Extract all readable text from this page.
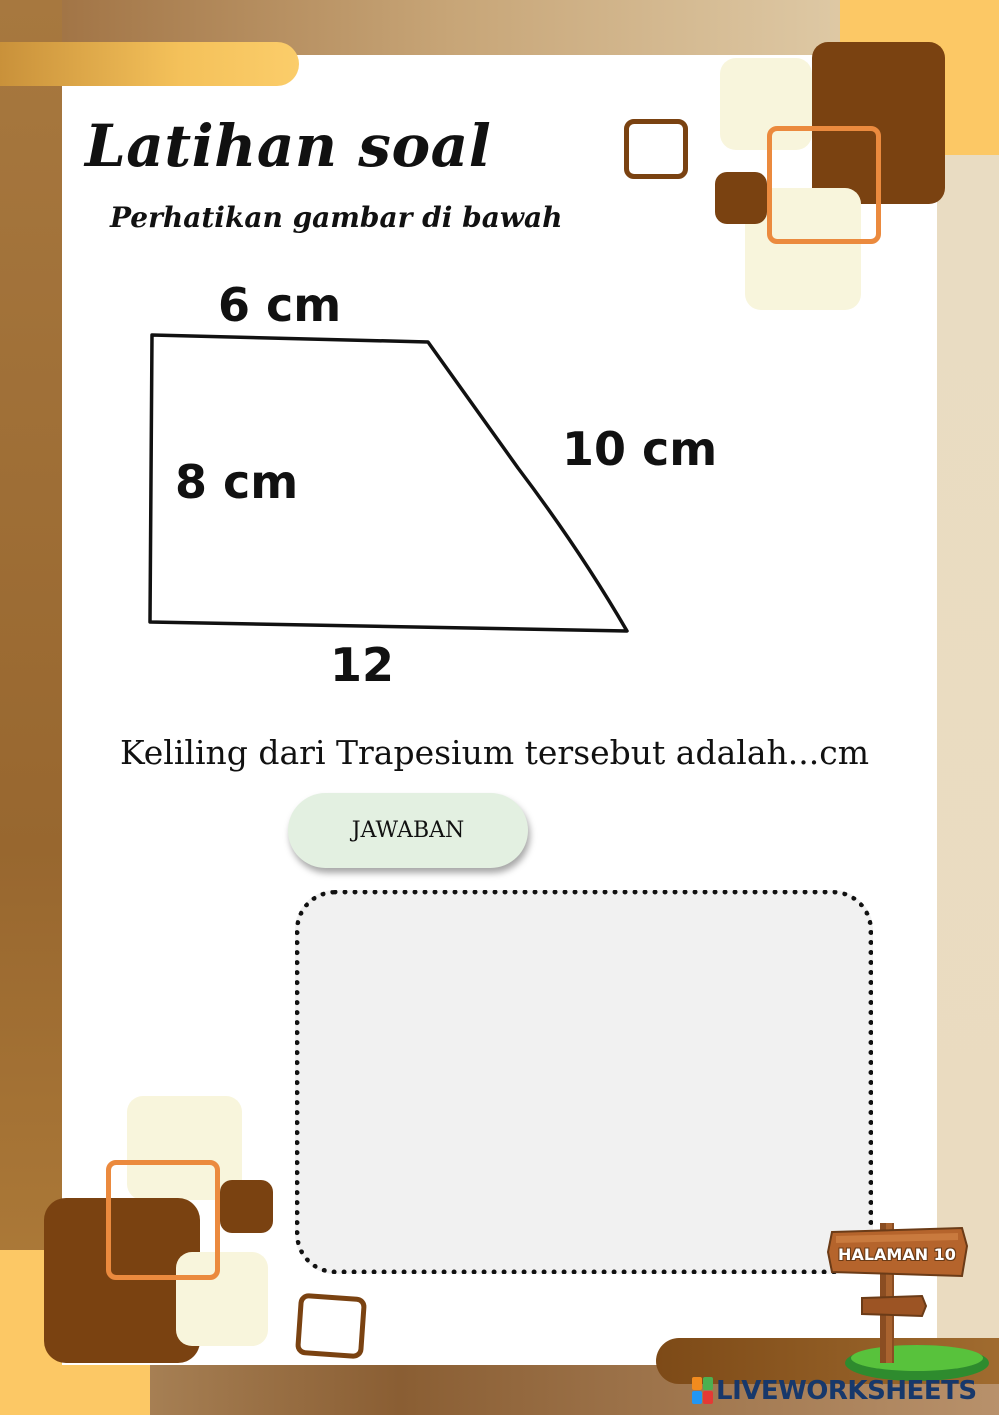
Latihan soal
Perhatikan gambar di bawah
6 cm
8 cm
10 cm
12

Keliling dari Trapesium tersebut adalah...cm

JAWABAN
HALAMAN 10
LIVEWORKSHEETS
